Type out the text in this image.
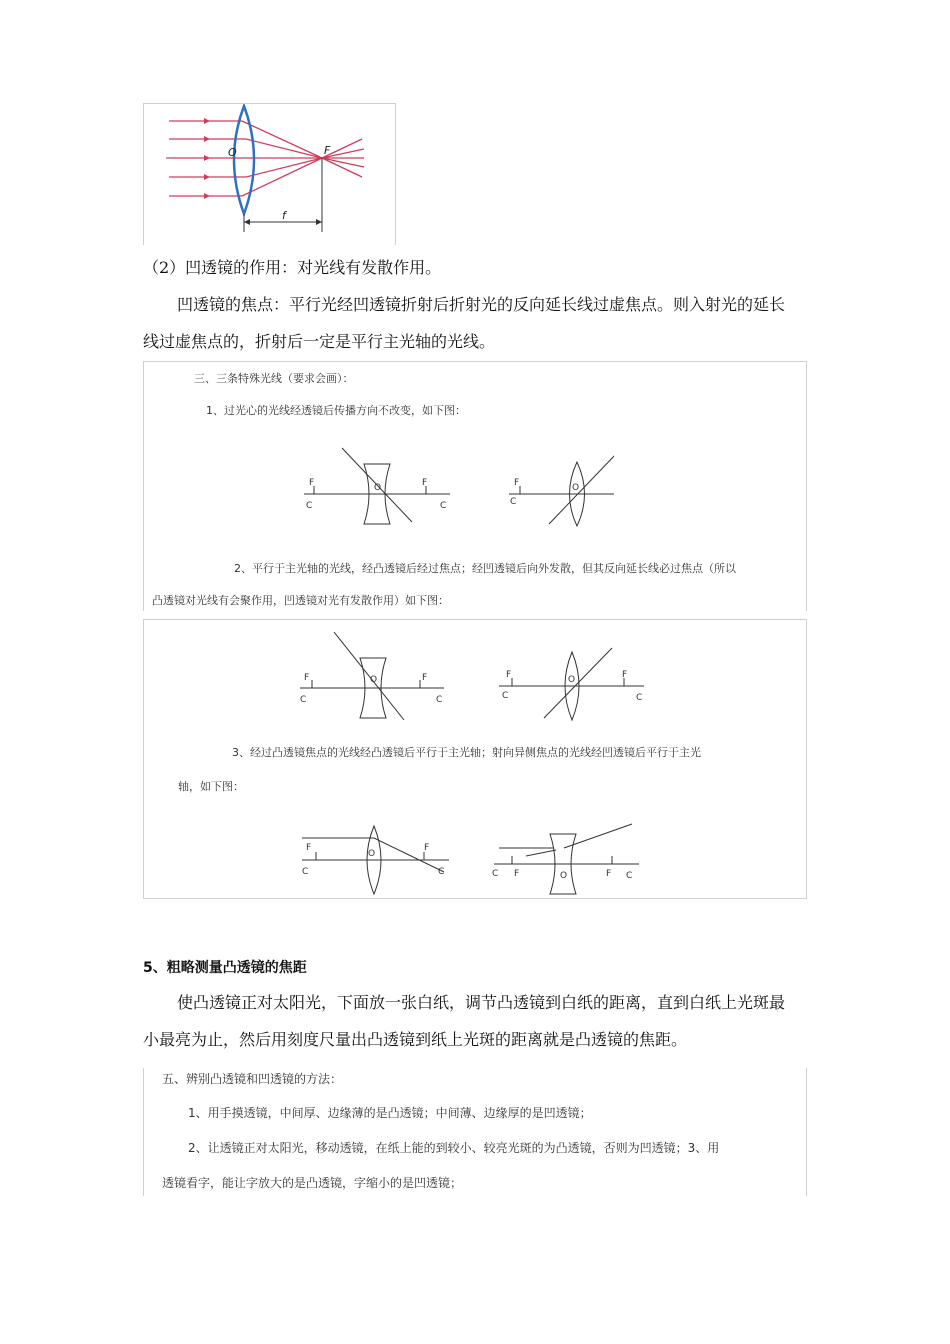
O	F
f
（2）凹透镜的作用：对光线有发散作用。
凹透镜的焦点：平行光经凹透镜折射后折射光的反向延长线过虚焦点。则入射光的延长
线过虚焦点的，折射后一定是平行主光轴的光线。
三、三条特殊光线（要求会画）：
1、过光心的光线经透镜后传播方向不改变，如下图：
F
C
O	F
C
F
C
O
2、平行于主光轴的光线，经凸透镜后经过焦点；经凹透镜后向外发散，但其反向延长线必过焦点（所以
凸透镜对光线有会聚作用，凹透镜对光有发散作用）如下图：
F
C
O	F
C
F
C
O	F
C
3、经过凸透镜焦点的光线经凸透镜后平行于主光轴；射向异侧焦点的光线经凹透镜后平行于主光
轴，如下图：
F
C
O
F
C	C F	O	F C
5、粗略测量凸透镜的焦距
使凸透镜正对太阳光，下面放一张白纸，调节凸透镜到白纸的距离，直到白纸上光斑最
小最亮为止，然后用刻度尺量出凸透镜到纸上光斑的距离就是凸透镜的焦距。
五、辨别凸透镜和凹透镜的方法：
1、用手摸透镜，中间厚、边缘薄的是凸透镜；中间薄、边缘厚的是凹透镜；
2、让透镜正对太阳光，移动透镜，在纸上能的到较小、较亮光斑的为凸透镜，否则为凹透镜；3、用
透镜看字，能让字放大的是凸透镜，字缩小的是凹透镜；
